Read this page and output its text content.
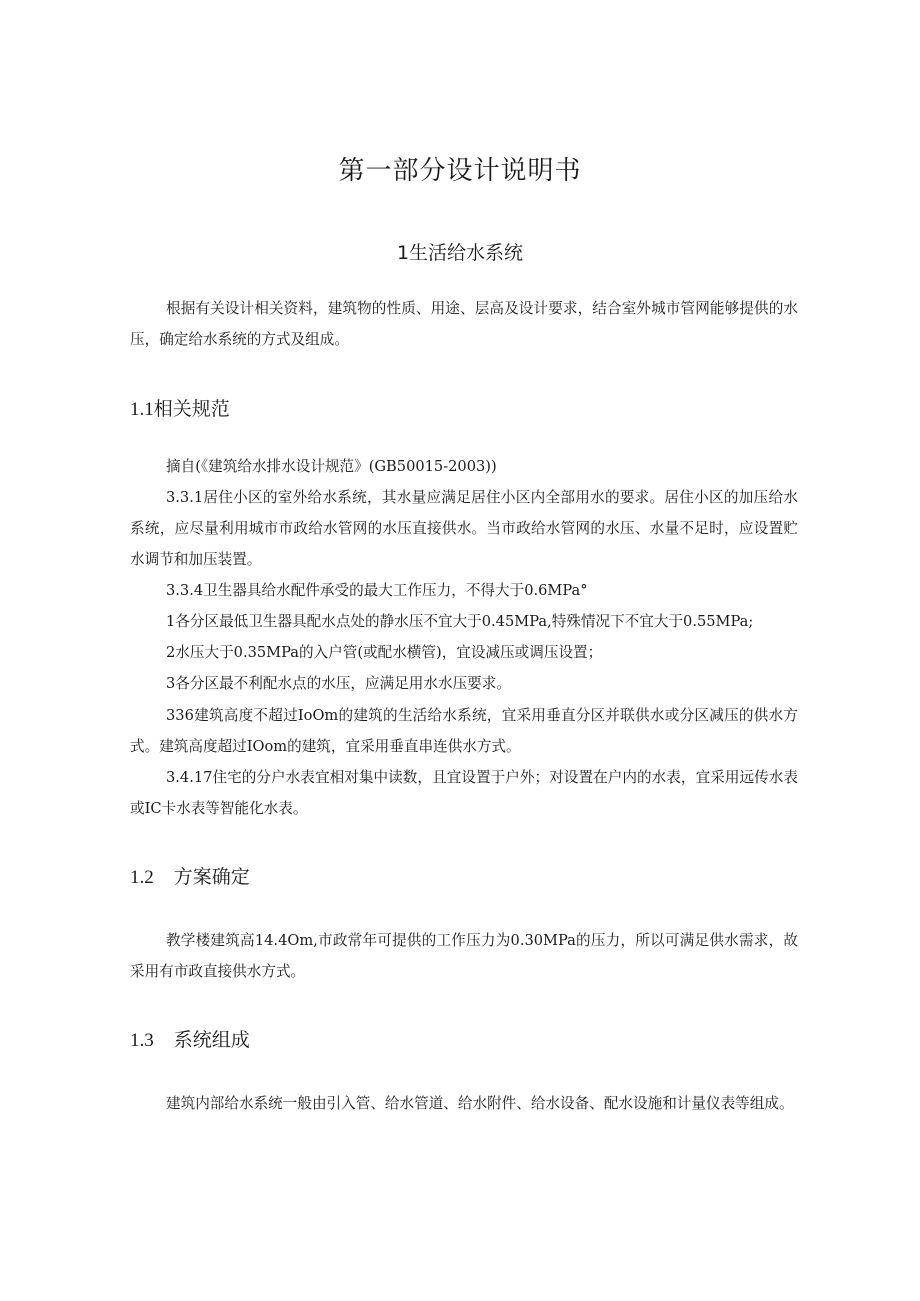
第一部分设计说明书
1生活给水系统
根据有关设计相关资料，建筑物的性质、用途、层高及设计要求，结合室外城市管网能够提供的水压，确定给水系统的方式及组成。
1.1相关规范
摘自(《建筑给水排水设计规范》(GB50015-2003))
3.3.1居住小区的室外给水系统，其水量应满足居住小区内全部用水的要求。居住小区的加压给水系统，应尽量利用城市市政给水管网的水压直接供水。当市政给水管网的水压、水量不足时，应设置贮水调节和加压装置。
3.3.4卫生器具给水配件承受的最大工作压力，不得大于0.6MPa°
1各分区最低卫生器具配水点处的静水压不宜大于0.45MPa,特殊情况下不宜大于0.55MPa;
2水压大于0.35MPa的入户管(或配水横管)，宜设减压或调压设置；
3各分区最不利配水点的水压，应满足用水水压要求。
336建筑高度不超过IoOm的建筑的生活给水系统，宜采用垂直分区并联供水或分区减压的供水方式。建筑高度超过IOom的建筑，宜采用垂直串连供水方式。
3.4.17住宅的分户水表宜相对集中读数，且宜设置于户外；对设置在户内的水表，宜采用远传水表或IC卡水表等智能化水表。
1.2 方案确定
教学楼建筑高14.4Om,市政常年可提供的工作压力为0.30MPa的压力，所以可满足供水需求，故采用有市政直接供水方式。
1.3 系统组成
建筑内部给水系统一般由引入管、给水管道、给水附件、给水设备、配水设施和计量仪表等组成。
